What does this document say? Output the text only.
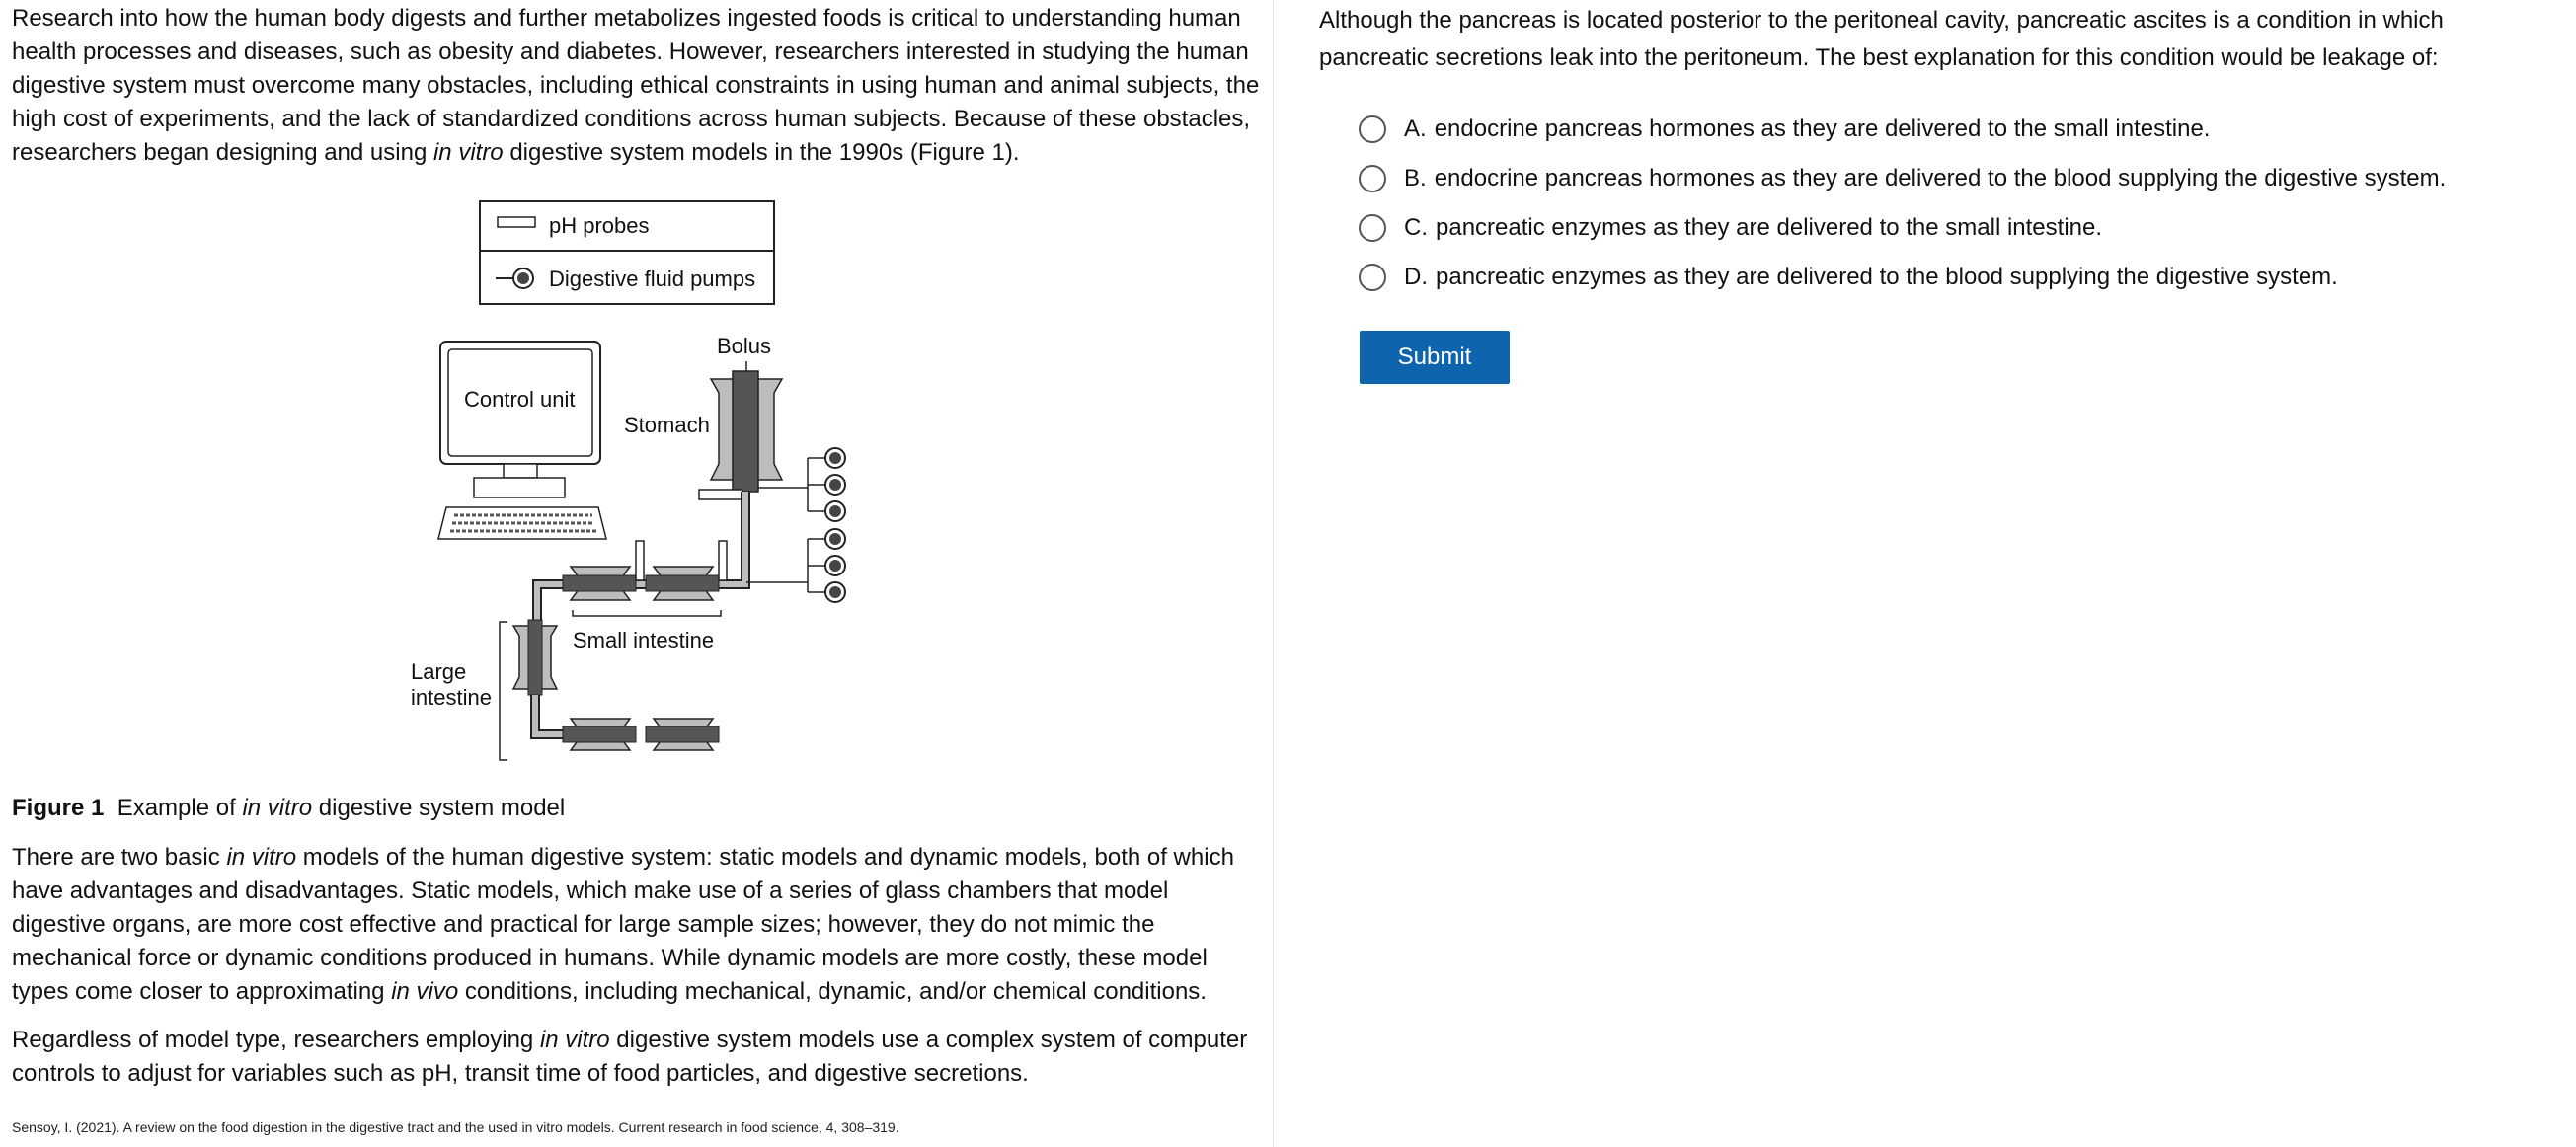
Research into how the human body digests and further metabolizes ingested foods is critical to understanding human health processes and diseases, such as obesity and diabetes. However, researchers interested in studying the human digestive system must overcome many obstacles, including ethical constraints in using human and animal subjects, the high cost of experiments, and the lack of standardized conditions across human subjects. Because of these obstacles, researchers began designing and using in vitro digestive system models in the 1990s (Figure 1).

pH probes
Digestive fluid pumps
Control unit
Bolus
Stomach
Small intestine
Large
intestine
Figure 1 Example of in vitro digestive system model

There are two basic in vitro models of the human digestive system: static models and dynamic models, both of which have advantages and disadvantages. Static models, which make use of a series of glass chambers that model digestive organs, are more cost effective and practical for large sample sizes; however, they do not mimic the mechanical force or dynamic conditions produced in humans. While dynamic models are more costly, these model types come closer to approximating in vivo conditions, including mechanical, dynamic, and/or chemical conditions.

Regardless of model type, researchers employing in vitro digestive system models use a complex system of computer controls to adjust for variables such as pH, transit time of food particles, and digestive secretions.

Sensoy, I. (2021). A review on the food digestion in the digestive tract and the used in vitro models. Current research in food science, 4, 308–319.
Although the pancreas is located posterior to the peritoneal cavity, pancreatic ascites is a condition in which pancreatic secretions leak into the peritoneum. The best explanation for this condition would be leakage of:
A. endocrine pancreas hormones as they are delivered to the small intestine.
B. endocrine pancreas hormones as they are delivered to the blood supplying the digestive system.
C. pancreatic enzymes as they are delivered to the small intestine.
D. pancreatic enzymes as they are delivered to the blood supplying the digestive system.
Submit
